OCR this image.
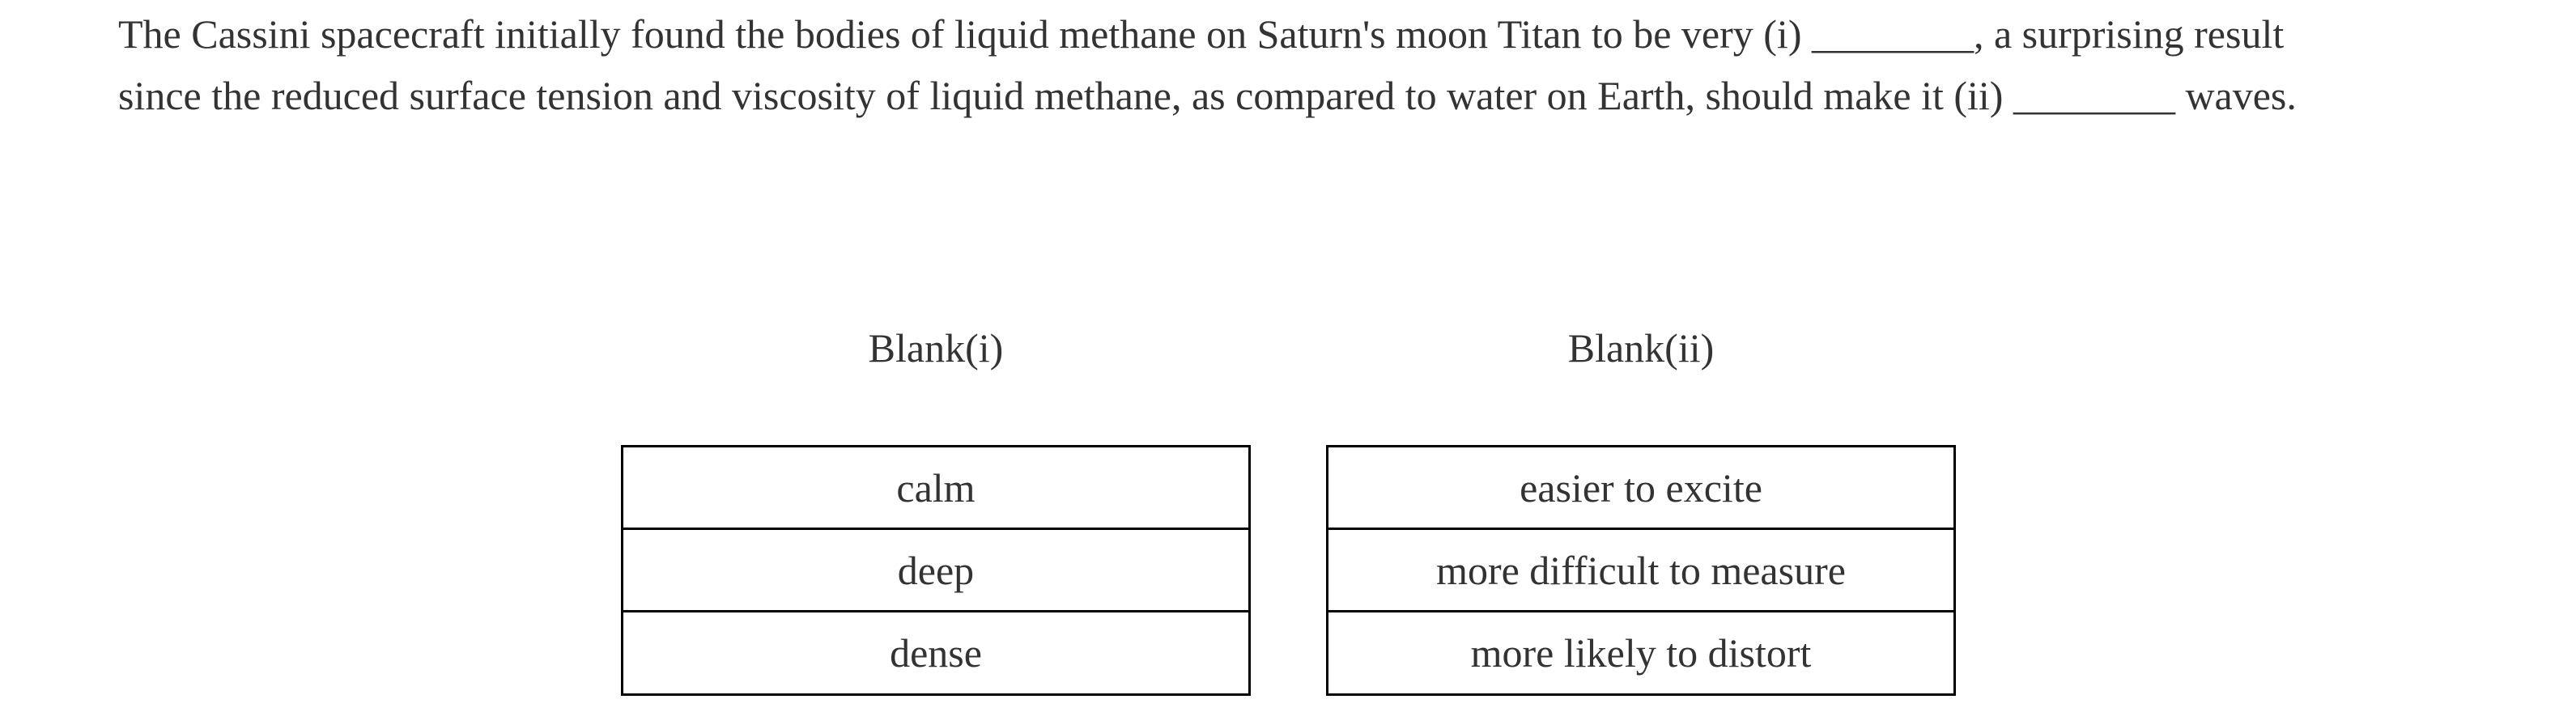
The Cassini spacecraft initially found the bodies of liquid methane on Saturn's moon Titan to be very (i) ________, a surprising result
since the reduced surface tension and viscosity of liquid methane, as compared to water on Earth, should make it (ii) ________ waves.

Blank(i)
calm
deep
dense
Blank(ii)
easier to excite
more difficult to measure
more likely to distort
